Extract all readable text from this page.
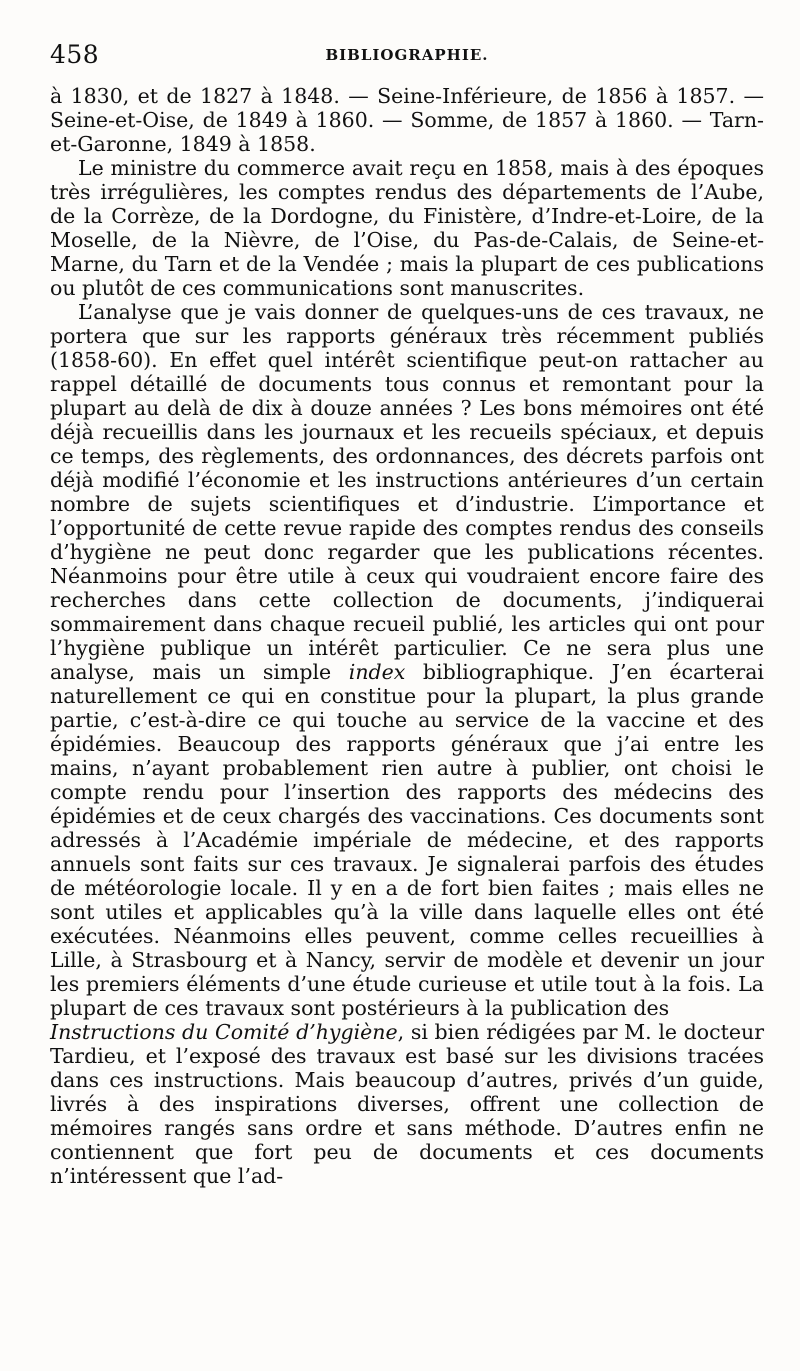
458	BIBLIOGRAPHIE.

à 1830, et de 1827 à 1848. — Seine-Inférieure, de 1856 à 1857. — Seine-et-Oise, de 1849 à 1860. — Somme, de 1857 à 1860. — Tarn-et-Garonne, 1849 à 1858.

Le ministre du commerce avait reçu en 1858, mais à des époques très irrégulières, les comptes rendus des départements de l’Aube, de la Corrèze, de la Dordogne, du Finistère, d’Indre-et-Loire, de la Moselle, de la Nièvre, de l’Oise, du Pas-de-Calais, de Seine-et-Marne, du Tarn et de la Vendée ; mais la plupart de ces publications ou plutôt de ces communications sont manuscrites.

L’analyse que je vais donner de quelques-uns de ces travaux, ne portera que sur les rapports généraux très récemment publiés (1858-60). En effet quel intérêt scientifique peut-on rattacher au rappel détaillé de documents tous connus et remontant pour la plupart au delà de dix à douze années ? Les bons mémoires ont été déjà recueillis dans les journaux et les recueils spéciaux, et depuis ce temps, des règlements, des ordonnances, des décrets parfois ont déjà modifié l’économie et les instructions antérieures d’un certain nombre de sujets scientifiques et d’industrie. L’importance et l’opportunité de cette revue rapide des comptes rendus des conseils d’hygiène ne peut donc regarder que les publications récentes. Néanmoins pour être utile à ceux qui voudraient encore faire des recherches dans cette collection de documents, j’indiquerai sommairement dans chaque recueil publié, les articles qui ont pour l’hygiène publique un intérêt particulier. Ce ne sera plus une analyse, mais un simple index bibliographique. J’en écarterai naturellement ce qui en constitue pour la plupart, la plus grande partie, c’est-à-dire ce qui touche au service de la vaccine et des épidémies. Beaucoup des rapports généraux que j’ai entre les mains, n’ayant probablement rien autre à publier, ont choisi le compte rendu pour l’insertion des rapports des médecins des épidémies et de ceux chargés des vaccinations. Ces documents sont adressés à l’Académie impériale de médecine, et des rapports annuels sont faits sur ces travaux. Je signalerai parfois des études de météorologie locale. Il y en a de fort bien faites ; mais elles ne sont utiles et applicables qu’à la ville dans laquelle elles ont été exécutées. Néanmoins elles peuvent, comme celles recueillies à Lille, à Strasbourg et à Nancy, servir de modèle et devenir un jour les premiers éléments d’une étude curieuse et utile tout à la fois. La plupart de ces travaux sont postérieurs à la publication des

Instructions du Comité d’hygiène, si bien rédigées par M. le docteur Tardieu, et l’exposé des travaux est basé sur les divisions tracées dans ces instructions. Mais beaucoup d’autres, privés d’un guide, livrés à des inspirations diverses, offrent une collection de mémoires rangés sans ordre et sans méthode. D’autres enfin ne contiennent que fort peu de documents et ces documents n’intéressent que l’ad-
